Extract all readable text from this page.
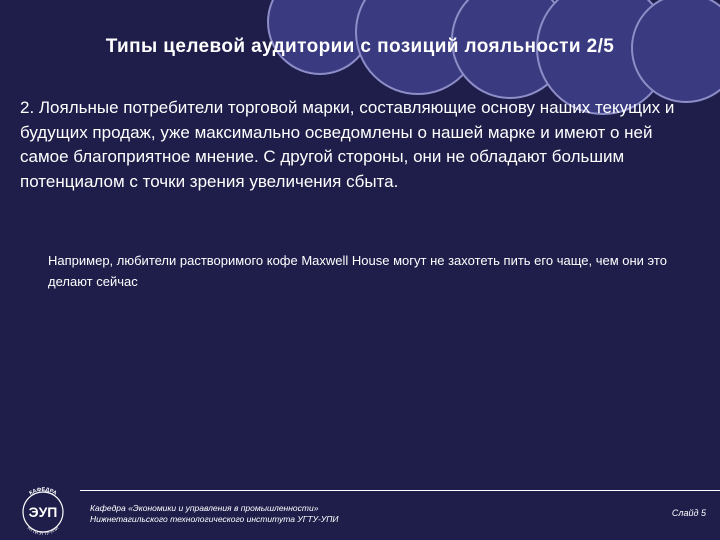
Типы целевой аудитории с позиций лояльности 2/5
2. Лояльные потребители торговой марки, составляющие основу наших текущих и будущих продаж, уже максимально осведомлены о нашей марке и имеют о ней самое благоприятное мнение. С другой стороны, они не обладают большим потенциалом с точки зрения увеличения сбыта.
Например, любители растворимого кофе Maxwell House могут не захотеть пить его чаще, чем они это делают сейчас
КАФЕДРА
ЭУП
НТТИ УГТУ-УПИ
Кафедра «Экономики и управления в промышленности»
Нижнетагильского технологического института УГТУ-УПИ
Слайд 5
